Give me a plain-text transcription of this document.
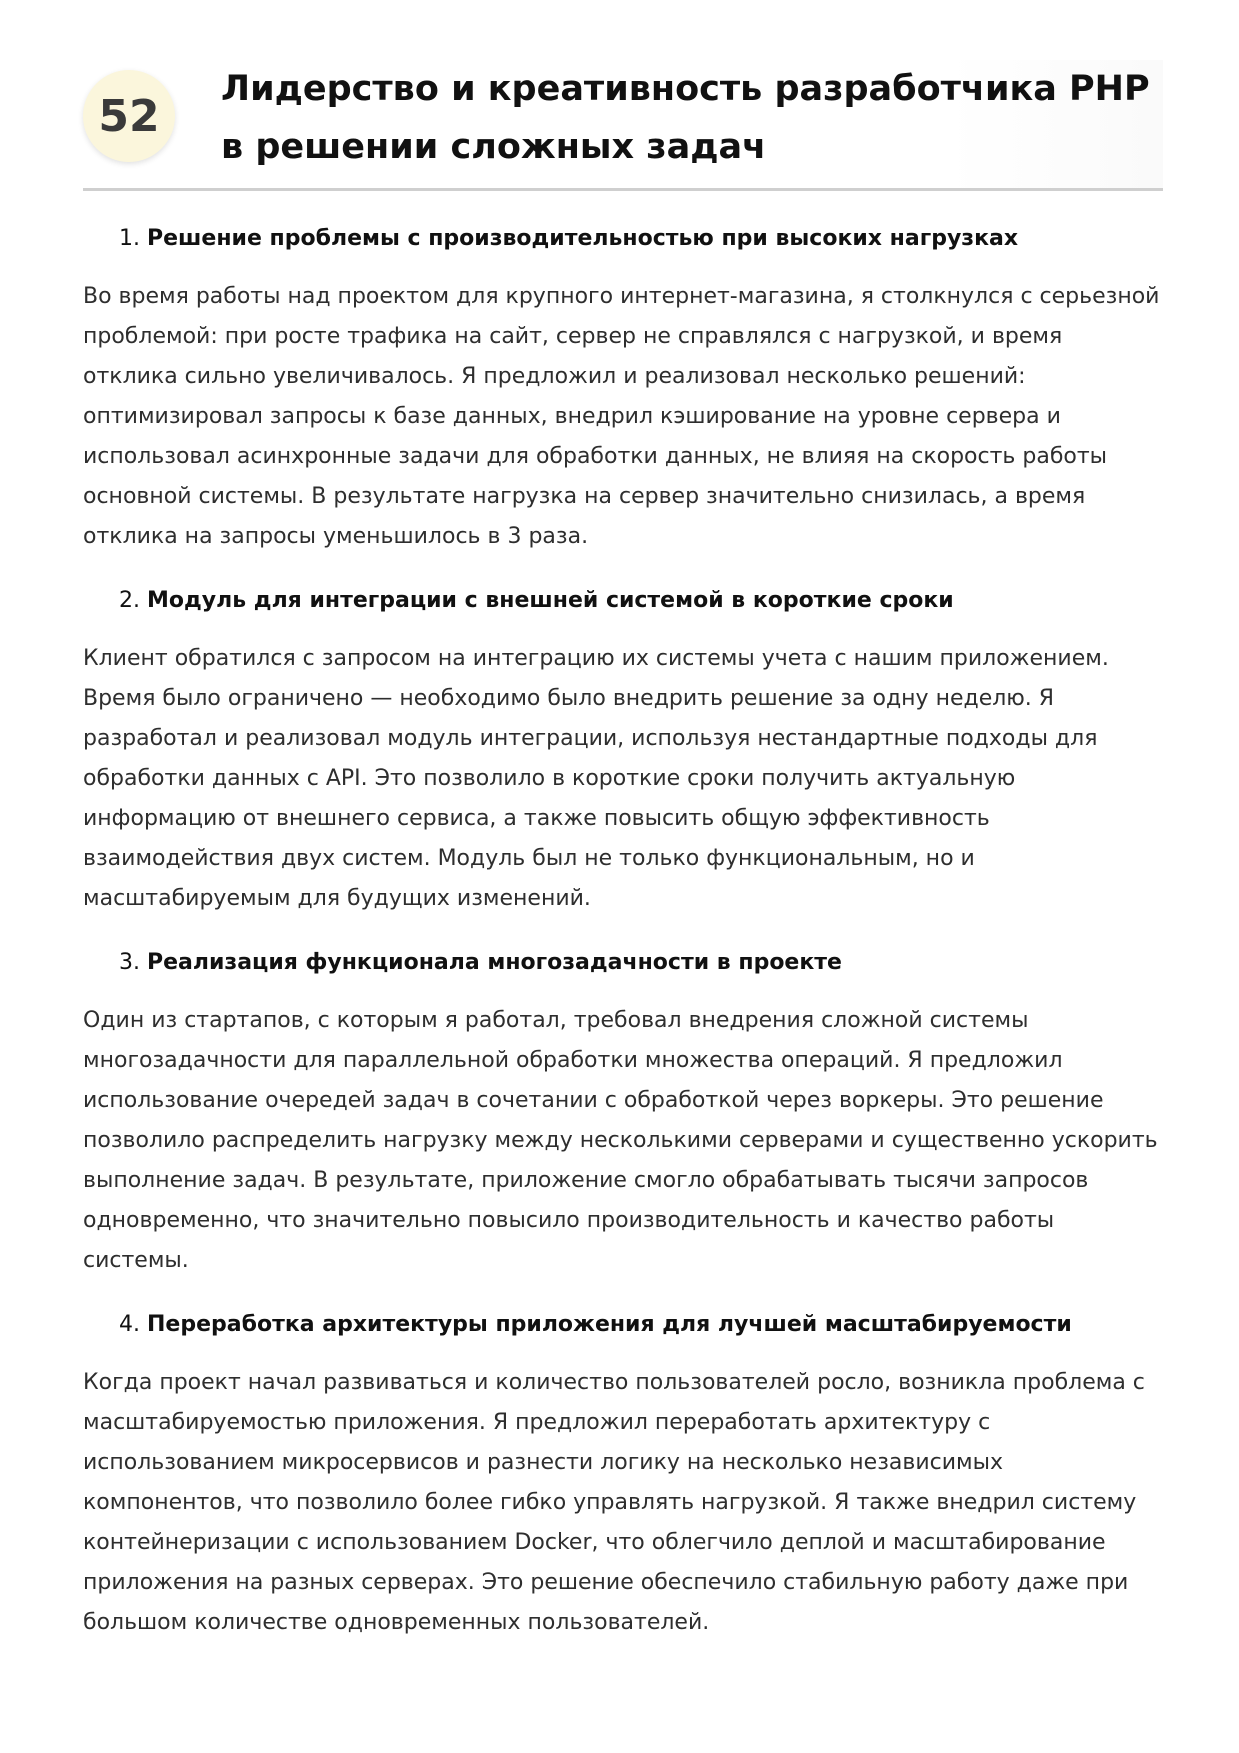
52
Лидерство и креативность разработчика PHP в решении сложных задач
1. Решение проблемы с производительностью при высоких нагрузках

Во время работы над проектом для крупного интернет-магазина, я столкнулся с серьезной проблемой: при росте трафика на сайт, сервер не справлялся с нагрузкой, и время отклика сильно увеличивалось. Я предложил и реализовал несколько решений: оптимизировал запросы к базе данных, внедрил кэширование на уровне сервера и использовал асинхронные задачи для обработки данных, не влияя на скорость работы основной системы. В результате нагрузка на сервер значительно снизилась, а время отклика на запросы уменьшилось в 3 раза.

2. Модуль для интеграции с внешней системой в короткие сроки

Клиент обратился с запросом на интеграцию их системы учета с нашим приложением. Время было ограничено — необходимо было внедрить решение за одну неделю. Я разработал и реализовал модуль интеграции, используя нестандартные подходы для обработки данных с API. Это позволило в короткие сроки получить актуальную информацию от внешнего сервиса, а также повысить общую эффективность взаимодействия двух систем. Модуль был не только функциональным, но и масштабируемым для будущих изменений.

3. Реализация функционала многозадачности в проекте

Один из стартапов, с которым я работал, требовал внедрения сложной системы многозадачности для параллельной обработки множества операций. Я предложил использование очередей задач в сочетании с обработкой через воркеры. Это решение позволило распределить нагрузку между несколькими серверами и существенно ускорить выполнение задач. В результате, приложение смогло обрабатывать тысячи запросов одновременно, что значительно повысило производительность и качество работы системы.

4. Переработка архитектуры приложения для лучшей масштабируемости

Когда проект начал развиваться и количество пользователей росло, возникла проблема с масштабируемостью приложения. Я предложил переработать архитектуру с использованием микросервисов и разнести логику на несколько независимых компонентов, что позволило более гибко управлять нагрузкой. Я также внедрил систему контейнеризации с использованием Docker, что облегчило деплой и масштабирование приложения на разных серверах. Это решение обеспечило стабильную работу даже при большом количестве одновременных пользователей.
